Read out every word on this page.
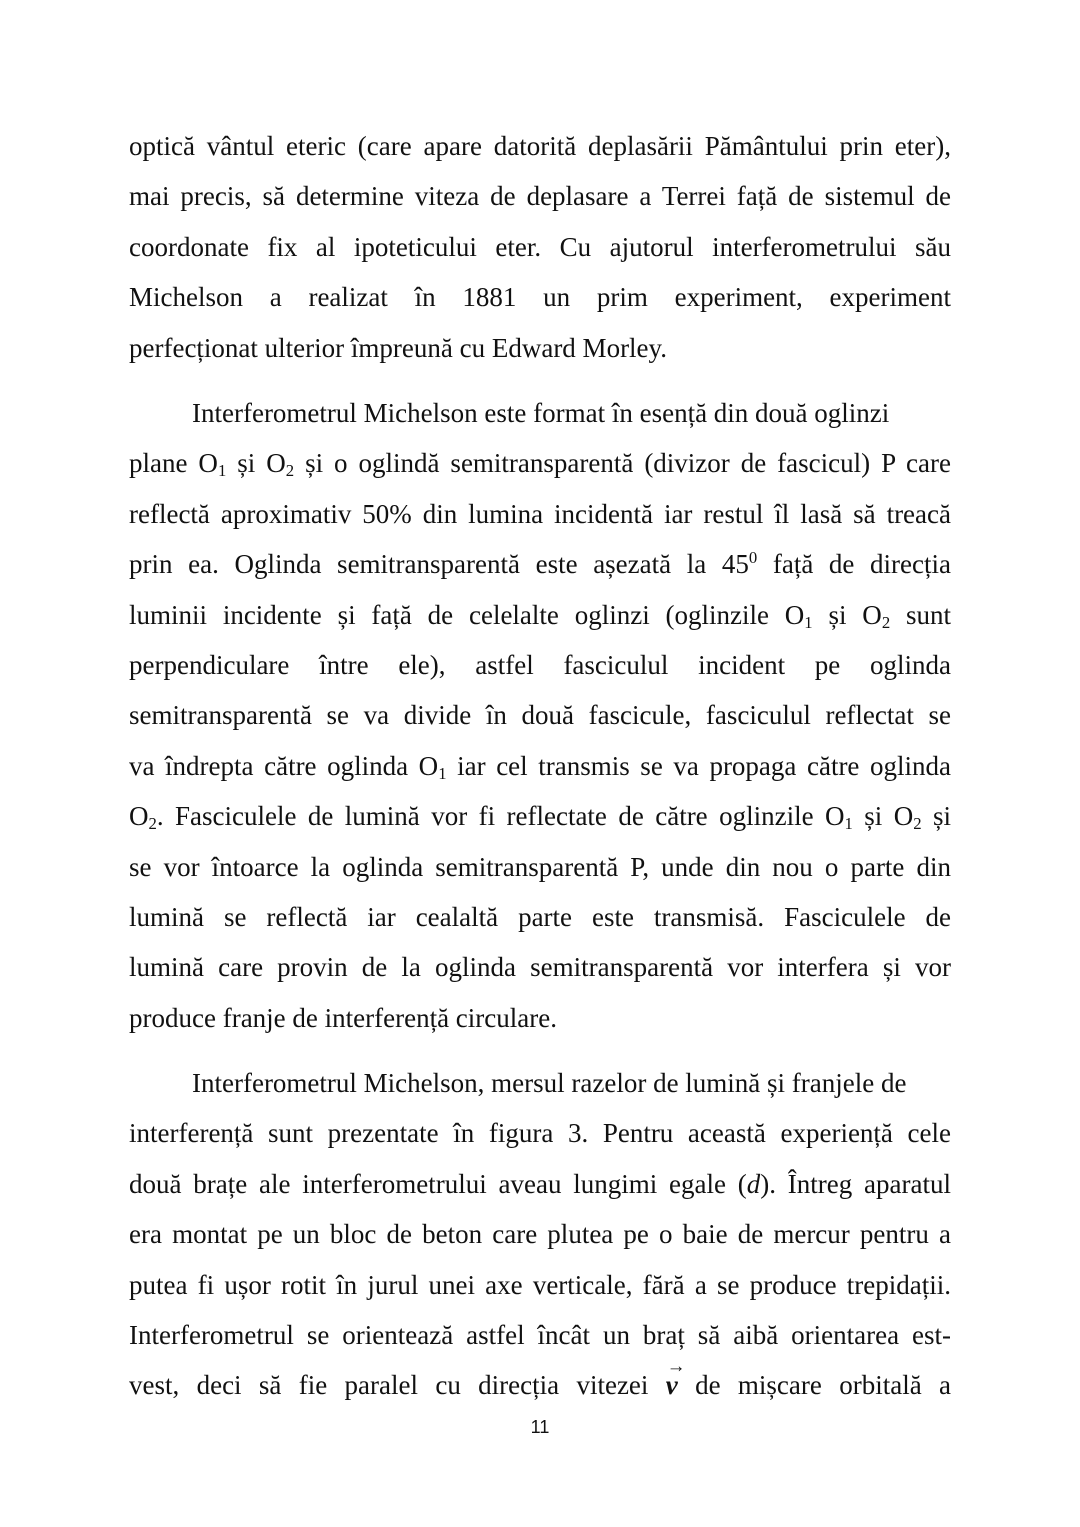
optică vântul eteric (care apare datorită deplasării Pământului prin eter),
mai precis, să determine viteza de deplasare a Terrei față de sistemul de
coordonate fix al ipoteticului eter. Cu ajutorul interferometrului său
Michelson a realizat în 1881 un prim experiment, experiment
perfecționat ulterior împreună cu Edward Morley.
Interferometrul Michelson este format în esență din două oglinzi
plane $O_1$ și $O_2$ și o oglindă semitransparentă (divizor de fascicul) P care
reflectă aproximativ 50% din lumina incidentă iar restul îl lasă să treacă
prin ea. Oglinda semitransparentă este așezată la $45^0$ față de direcția
luminii incidente și față de celelalte oglinzi (oglinzile $O_1$ și $O_2$ sunt
perpendiculare între ele), astfel fasciculul incident pe oglinda
semitransparentă se va divide în două fascicule, fasciculul reflectat se
va îndrepta către oglinda $O_1$ iar cel transmis se va propaga către oglinda
$O_2$. Fasciculele de lumină vor fi reflectate de către oglinzile $O_1$ și $O_2$ și
se vor întoarce la oglinda semitransparentă P, unde din nou o parte din
lumină se reflectă iar cealaltă parte este transmisă. Fasciculele de
lumină care provin de la oglinda semitransparentă vor interfera și vor
produce franje de interferență circulare.
Interferometrul Michelson, mersul razelor de lumină și franjele de
interferență sunt prezentate în figura 3. Pentru această experiență cele
două brațe ale interferometrului aveau lungimi egale (d). Întreg aparatul
era montat pe un bloc de beton care plutea pe o baie de mercur pentru a
putea fi ușor rotit în jurul unei axe verticale, fără a se produce trepidații.
Interferometrul se orientează astfel încât un braț să aibă orientarea est-
vest, deci să fie paralel cu direcția vitezei
→
v de mișcare orbitală a
11
